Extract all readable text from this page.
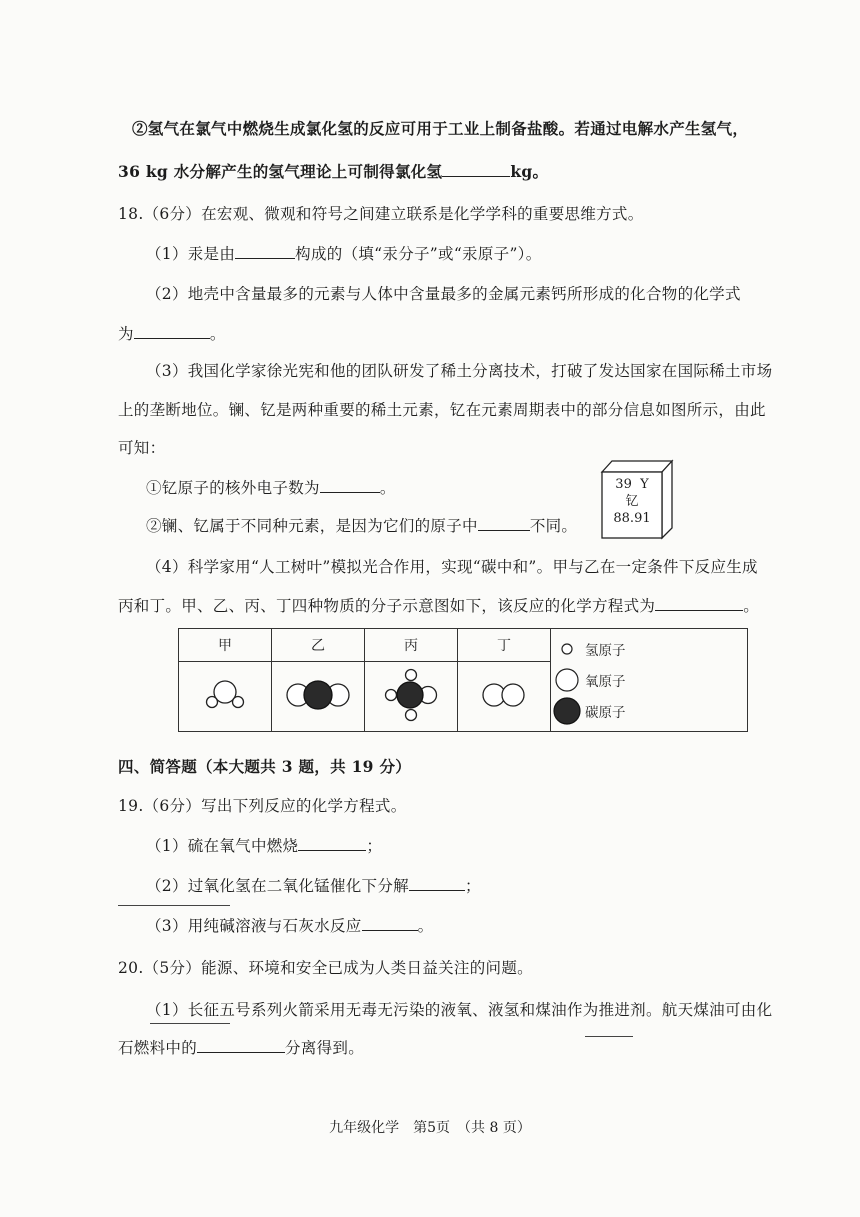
②氢气在氯气中燃烧生成氯化氢的反应可用于工业上制备盐酸。若通过电解水产生氢气，
36 kg 水分解产生的氢气理论上可制得氯化氢	kg。
18.（6分）在宏观、微观和符号之间建立联系是化学学科的重要思维方式。
（1）汞是由	构成的（填“汞分子”或“汞原子”）。
（2）地壳中含量最多的元素与人体中含量最多的金属元素钙所形成的化合物的化学式
为	。
（3）我国化学家徐光宪和他的团队研发了稀土分离技术，打破了发达国家在国际稀土市场
上的垄断地位。镧、钇是两种重要的稀土元素，钇在元素周期表中的部分信息如图所示，由此
可知：
①钇原子的核外电子数为	。
②镧、钇属于不同种元素，是因为它们的原子中	不同。
39 Y
钇
88.91
（4）科学家用“人工树叶”模拟光合作用，实现“碳中和”。甲与乙在一定条件下反应生成
丙和丁。甲、乙、丙、丁四种物质的分子示意图如下，该反应的化学方程式为	。
甲	乙	丙	丁	氢原子
氧原子
碳原子

四、简答题（本大题共 3 题，共 19 分）
19.（6分）写出下列反应的化学方程式。
（1）硫在氧气中燃烧	；
（2）过氧化氢在二氧化锰催化下分解	；
（3）用纯碱溶液与石灰水反应	。
20.（5分）能源、环境和安全已成为人类日益关注的问题。
（1）长征五号系列火箭采用无毒无污染的液氧、液氢和煤油作为推进剂。航天煤油可由化
石燃料中的	分离得到。
九年级化学　第5页　（共 8 页）
